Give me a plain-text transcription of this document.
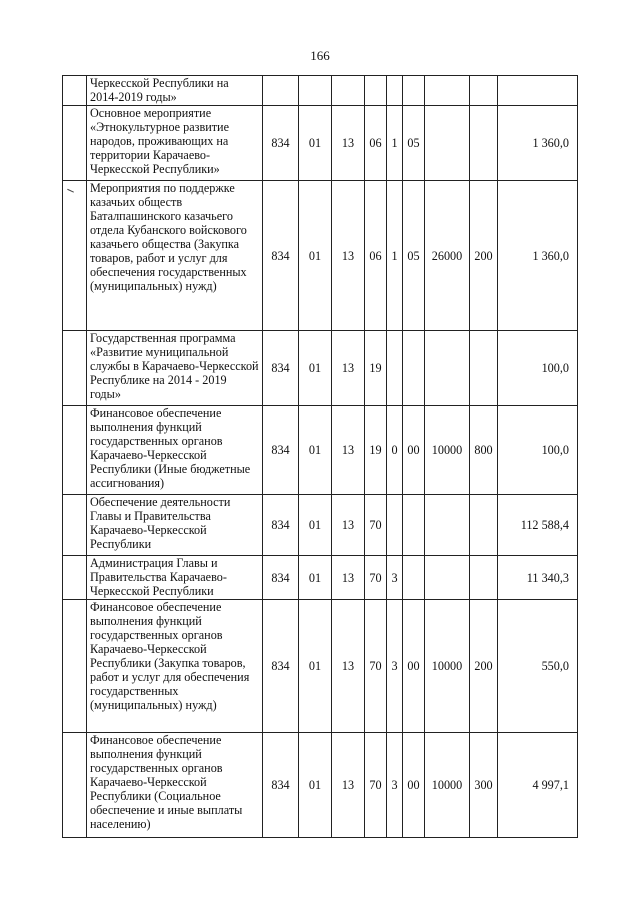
166
	Черкесской Республики на 2014-2019 годы»									
	Основное мероприятие «Этнокультурное развитие народов, проживающих на территории Карачаево-Черкесской Республики»	834	01	13	06	1	05			1 360,0
	Мероприятия по поддержке казачьих обществ Баталпашинского казачьего отдела Кубанского войскового казачьего общества (Закупка товаров, работ и услуг для обеспечения государственных (муниципальных) нужд)	834	01	13	06	1	05	26000	200	1 360,0
	Государственная программа «Развитие муниципальной службы в Карачаево-Черкесской Республике на 2014 - 2019 годы»	834	01	13	19					100,0
	Финансовое обеспечение выполнения функций государственных органов Карачаево-Черкесской Республики (Иные бюджетные ассигнования)	834	01	13	19	0	00	10000	800	100,0
	Обеспечение деятельности Главы и Правительства Карачаево-Черкесской Республики	834	01	13	70					112 588,4
	Администрация Главы и Правительства Карачаево-Черкесской Республики	834	01	13	70	3				11 340,3
	Финансовое обеспечение выполнения функций государственных органов Карачаево-Черкесской Республики (Закупка товаров, работ и услуг для обеспечения государственных (муниципальных) нужд)	834	01	13	70	3	00	10000	200	550,0
	Финансовое обеспечение выполнения функций государственных органов Карачаево-Черкесской Республики (Социальное обеспечение и иные выплаты населению)	834	01	13	70	3	00	10000	300	4 997,1
